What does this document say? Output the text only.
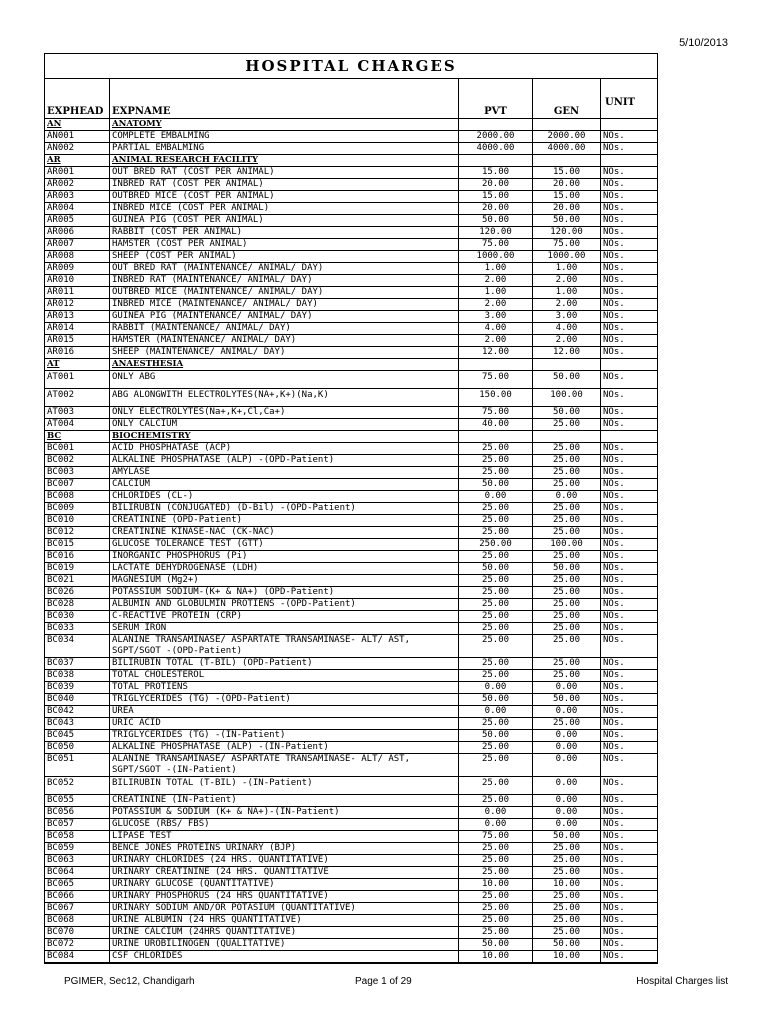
5/10/2013
HOSPITAL CHARGES
EXPHEAD EXPNAME	PVT	GEN
UNIT
AN	ANATOMY
AN001	COMPLETE EMBALMING	2000.00	2000.00	NOs.
AN002	PARTIAL EMBALMING	4000.00	4000.00	NOs.
AR	ANIMAL RESEARCH FACILITY
AR001	OUT BRED RAT (COST PER ANIMAL)	15.00	15.00	NOs.
AR002	INBRED RAT (COST PER ANIMAL)	20.00	20.00	NOs.
AR003	OUTBRED MICE (COST PER ANIMAL)	15.00	15.00	NOs.
AR004	INBRED MICE (COST PER ANIMAL)	20.00	20.00	NOs.
AR005	GUINEA PIG (COST PER ANIMAL)	50.00	50.00	NOs.
AR006	RABBIT (COST PER ANIMAL)	120.00	120.00	NOs.
AR007	HAMSTER (COST PER ANIMAL)	75.00	75.00	NOs.
AR008	SHEEP (COST PER ANIMAL)	1000.00	1000.00	NOs.
AR009	OUT BRED RAT (MAINTENANCE/ ANIMAL/ DAY)	1.00	1.00	NOs.
AR010	INBRED RAT (MAINTENANCE/ ANIMAL/ DAY)	2.00	2.00	NOs.
AR011	OUTBRED MICE (MAINTENANCE/ ANIMAL/ DAY)	1.00	1.00	NOs.
AR012	INBRED MICE (MAINTENANCE/ ANIMAL/ DAY)	2.00	2.00	NOs.
AR013	GUINEA PIG (MAINTENANCE/ ANIMAL/ DAY)	3.00	3.00	NOs.
AR014	RABBIT (MAINTENANCE/ ANIMAL/ DAY)	4.00	4.00	NOs.
AR015	HAMSTER (MAINTENANCE/ ANIMAL/ DAY)	2.00	2.00	NOs.
AR016	SHEEP (MAINTENANCE/ ANIMAL/ DAY)	12.00	12.00	NOs.
AT	ANAESTHESIA
AT001	ONLY ABG	75.00	50.00	NOs.
AT002	ABG ALONGWITH ELECTROLYTES(NA+,K+)(Na,K)	150.00	100.00	NOs.
AT003	ONLY ELECTROLYTES(Na+,K+,Cl,Ca+)	75.00	50.00	NOs.
AT004	ONLY CALCIUM	40.00	25.00	NOs.
BC	BIOCHEMISTRY
BC001	ACID PHOSPHATASE (ACP)	25.00	25.00	NOs.
BC002	ALKALINE PHOSPHATASE (ALP) -(OPD-Patient)	25.00	25.00	NOs.
BC003	AMYLASE	25.00	25.00	NOs.
BC007	CALCIUM	50.00	25.00	NOs.
BC008	CHLORIDES (CL-)	0.00	0.00	NOs.
BC009	BILIRUBIN (CONJUGATED) (D-Bil) -(OPD-Patient)	25.00	25.00	NOs.
BC010	CREATININE (OPD-Patient)	25.00	25.00	NOs.
BC012	CREATININE KINASE-NAC (CK-NAC)	25.00	25.00	NOs.
BC015	GLUCOSE TOLERANCE TEST (GTT)	250.00	100.00	NOs.
BC016	INORGANIC PHOSPHORUS (Pi)	25.00	25.00	NOs.
BC019	LACTATE DEHYDROGENASE (LDH)	50.00	50.00	NOs.
BC021	MAGNESIUM (Mg2+)	25.00	25.00	NOs.
BC026	POTASSIUM SODIUM-(K+ & NA+) (OPD-Patient)	25.00	25.00	NOs.
BC028	ALBUMIN AND GLOBULMIN PROTIENS -(OPD-Patient)	25.00	25.00	NOs.
BC030	C-REACTIVE PROTEIN (CRP)	25.00	25.00	NOs.
BC033	SERUM IRON	25.00	25.00	NOs.
BC034	ALANINE TRANSAMINASE/ ASPARTATE TRANSAMINASE- ALT/ AST, SGPT/SGOT -(OPD-Patient)
25.00	25.00	NOs.
BC037	BILIRUBIN TOTAL (T-BIL) (OPD-Patient)	25.00	25.00	NOs.
BC038	TOTAL CHOLESTEROL	25.00	25.00	NOs.
BC039	TOTAL PROTIENS	0.00	0.00	NOs.
BC040	TRIGLYCERIDES (TG) -(OPD-Patient)	50.00	50.00	NOs.
BC042	UREA	0.00	0.00	NOs.
BC043	URIC ACID	25.00	25.00	NOs.
BC045	TRIGLYCERIDES (TG) -(IN-Patient)	50.00	0.00	NOs.
BC050	ALKALINE PHOSPHATASE (ALP) -(IN-Patient)	25.00	0.00	NOs.
BC051	ALANINE TRANSAMINASE/ ASPARTATE TRANSAMINASE- ALT/ AST, SGPT/SGOT -(IN-Patient)
25.00	0.00	NOs.
BC052	BILIRUBIN TOTAL (T-BIL) -(IN-Patient)	25.00	0.00	NOs.
BC055	CREATININE (IN-Patient)	25.00	0.00	NOs.
BC056	POTASSIUM & SODIUM (K+ & NA+)-(IN-Patient)	0.00	0.00	NOs.
BC057	GLUCOSE (RBS/ FBS)	0.00	0.00	NOs.
BC058	LIPASE TEST	75.00	50.00	NOs.
BC059	BENCE JONES PROTEINS URINARY (BJP)	25.00	25.00	NOs.
BC063	URINARY CHLORIDES (24 HRS. QUANTITATIVE)	25.00	25.00	NOs.
BC064	URINARY CREATININE (24 HRS. QUANTITATIVE	25.00	25.00	NOs.
BC065	URINARY GLUCOSE (QUANTITATIVE)	10.00	10.00	NOs.
BC066	URINARY PHOSPHORUS (24 HRS QUANTITATIVE)	25.00	25.00	NOs.
BC067	URINARY SODIUM AND/OR POTASIUM (QUANTITATIVE)	25.00	25.00	NOs.
BC068	URINE ALBUMIN (24 HRS QUANTITATIVE)	25.00	25.00	NOs.
BC070	URINE CALCIUM (24HRS QUANTITATIVE)	25.00	25.00	NOs.
BC072	URINE UROBILINOGEN (QUALITATIVE)	50.00	50.00	NOs.
BC084	CSF CHLORIDES	10.00	10.00	NOs.
PGIMER, Sec12, Chandigarh	Page 1 of 29	Hospital Charges list
